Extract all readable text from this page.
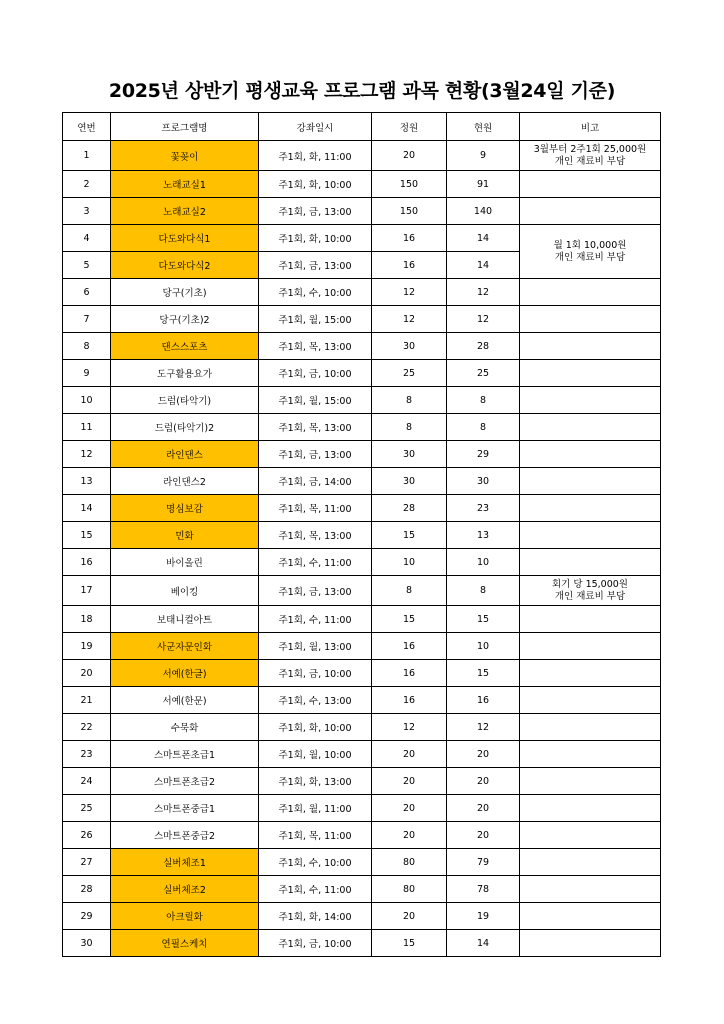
2025년 상반기 평생교육 프로그램 과목 현황(3월24일 기준)
연번	프로그램명	강좌일시	정원	현원	비고
1	꽃꽂이	주1회, 화, 11:00	20	9	3월부터 2주1회 25,000원
개인 재료비 부담

2	노래교실1	주1회, 화, 10:00	150	91	
3	노래교실2	주1회, 금, 13:00	150	140	
4	다도와다식1	주1회, 화, 10:00	16	14	월 1회 10,000원
개인 재료비 부담

5	다도와다식2	주1회, 금, 13:00	16	14	
6	당구(기초)	주1회, 수, 10:00	12	12	
7	당구(기초)2	주1회, 월, 15:00	12	12	
8	댄스스포츠	주1회, 목, 13:00	30	28	
9	도구활용요가	주1회, 금, 10:00	25	25	
10	드럼(타악기)	주1회, 월, 15:00	8	8	
11	드럼(타악기)2	주1회, 목, 13:00	8	8	
12	라인댄스	주1회, 금, 13:00	30	29	
13	라인댄스2	주1회, 금, 14:00	30	30	
14	명심보감	주1회, 목, 11:00	28	23	
15	민화	주1회, 목, 13:00	15	13	
16	바이올린	주1회, 수, 11:00	10	10	
17	베이킹	주1회, 금, 13:00	8	8	회기 당 15,000원
개인 재료비 부담

18	보태니컬아트	주1회, 수, 11:00	15	15	
19	사군자문인화	주1회, 월, 13:00	16	10	
20	서예(한글)	주1회, 금, 10:00	16	15	
21	서예(한문)	주1회, 수, 13:00	16	16	
22	수묵화	주1회, 화, 10:00	12	12	
23	스마트폰초급1	주1회, 월, 10:00	20	20	
24	스마트폰초급2	주1회, 화, 13:00	20	20	
25	스마트폰중급1	주1회, 월, 11:00	20	20	
26	스마트폰중급2	주1회, 목, 11:00	20	20	
27	실버체조1	주1회, 수, 10:00	80	79	
28	실버체조2	주1회, 수, 11:00	80	78	
29	아크릴화	주1회, 화, 14:00	20	19	
30	연필스케치	주1회, 금, 10:00	15	14	
